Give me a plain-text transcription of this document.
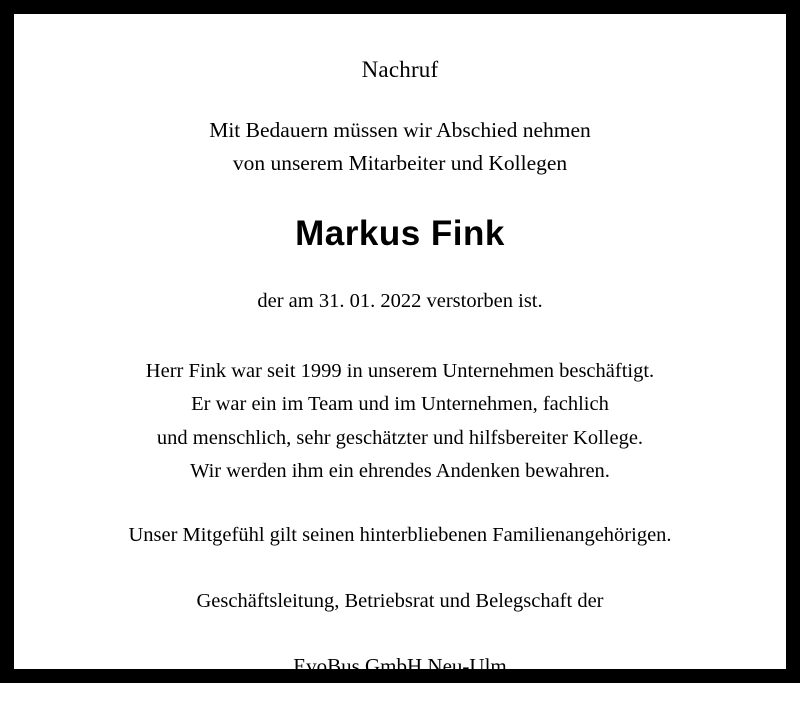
Nachruf
Mit Bedauern müssen wir Abschied nehmen
von unserem Mitarbeiter und Kollegen
Markus Fink
der am 31. 01. 2022 verstorben ist.
Herr Fink war seit 1999 in unserem Unternehmen beschäftigt.
Er war ein im Team und im Unternehmen, fachlich
und menschlich, sehr geschätzter und hilfsbereiter Kollege.
Wir werden ihm ein ehrendes Andenken bewahren.
Unser Mitgefühl gilt seinen hinterbliebenen Familienangehörigen.
Geschäftsleitung, Betriebsrat und Belegschaft der
EvoBus GmbH Neu-Ulm
